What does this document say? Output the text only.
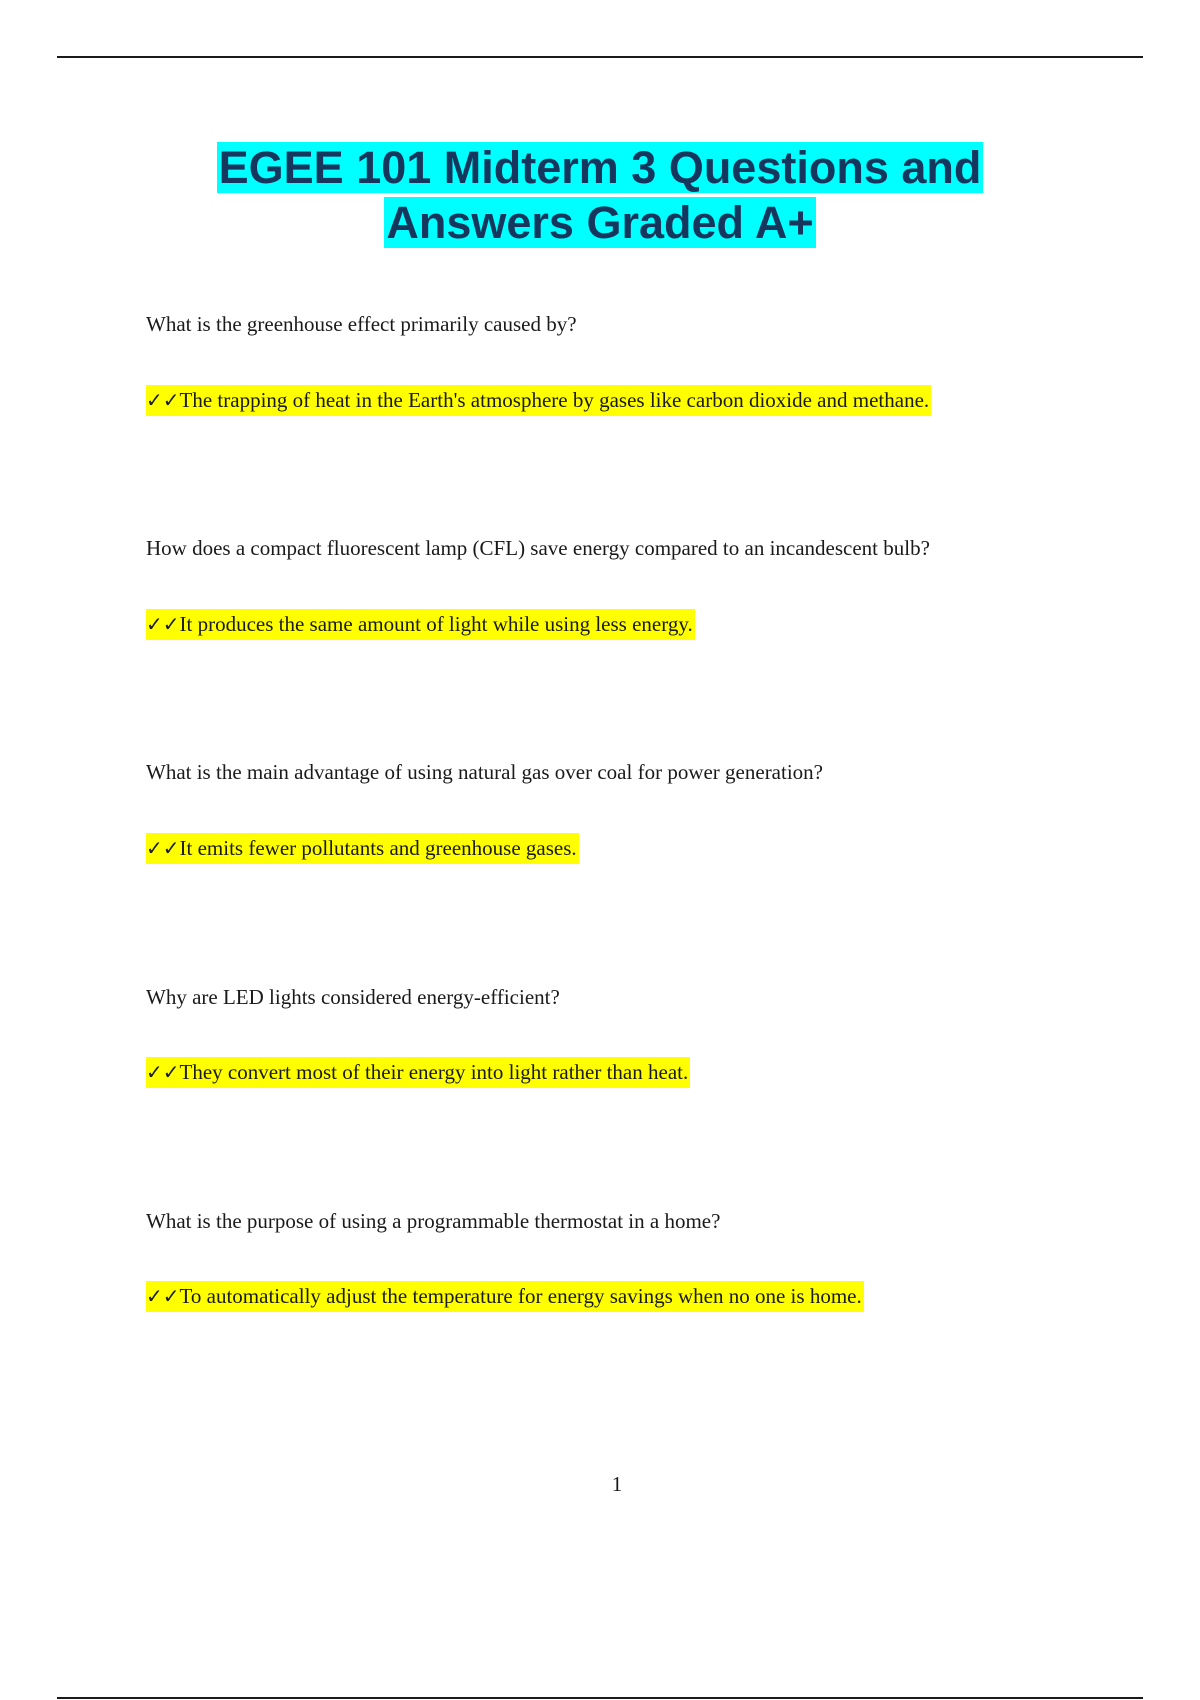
EGEE 101 Midterm 3 Questions and
Answers Graded A+
What is the greenhouse effect primarily caused by?
✓✓The trapping of heat in the Earth's atmosphere by gases like carbon dioxide and methane.
How does a compact fluorescent lamp (CFL) save energy compared to an incandescent bulb?
✓✓It produces the same amount of light while using less energy.
What is the main advantage of using natural gas over coal for power generation?
✓✓It emits fewer pollutants and greenhouse gases.
Why are LED lights considered energy-efficient?
✓✓They convert most of their energy into light rather than heat.
What is the purpose of using a programmable thermostat in a home?
✓✓To automatically adjust the temperature for energy savings when no one is home.
1
